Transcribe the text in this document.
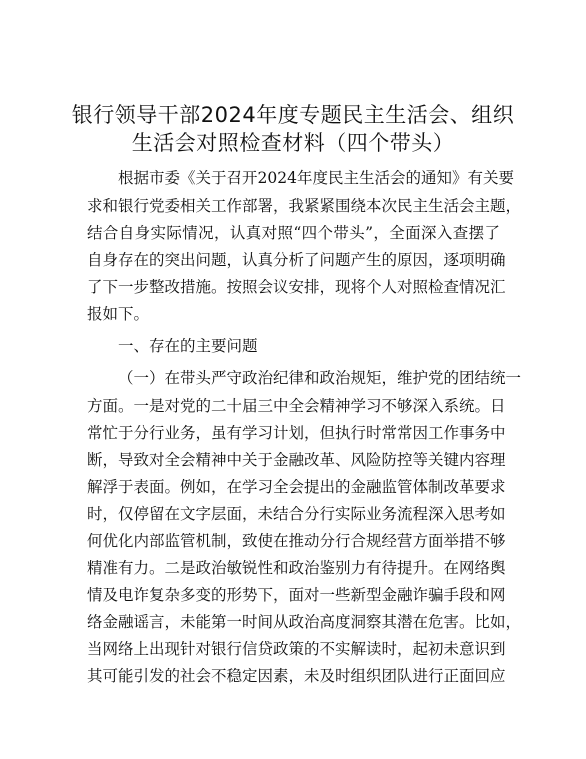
银行领导干部2024年度专题民主生活会、组织
生活会对照检查材料（四个带头）
根据市委《关于召开2024年度民主生活会的通知》有关要
求和银行党委相关工作部署，我紧紧围绕本次民主生活会主题，
结合自身实际情况，认真对照“四个带头”，全面深入查摆了
自身存在的突出问题，认真分析了问题产生的原因，逐项明确
了下一步整改措施。按照会议安排，现将个人对照检查情况汇
报如下。
一、存在的主要问题
（一）在带头严守政治纪律和政治规矩，维护党的团结统一
方面。一是对党的二十届三中全会精神学习不够深入系统。日
常忙于分行业务，虽有学习计划，但执行时常常因工作事务中
断，导致对全会精神中关于金融改革、风险防控等关键内容理
解浮于表面。例如，在学习全会提出的金融监管体制改革要求
时，仅停留在文字层面，未结合分行实际业务流程深入思考如
何优化内部监管机制，致使在推动分行合规经营方面举措不够
精准有力。二是政治敏锐性和政治鉴别力有待提升。在网络舆
情及电诈复杂多变的形势下，面对一些新型金融诈骗手段和网
络金融谣言，未能第一时间从政治高度洞察其潜在危害。比如，
当网络上出现针对银行信贷政策的不实解读时，起初未意识到
其可能引发的社会不稳定因素，未及时组织团队进行正面回应
